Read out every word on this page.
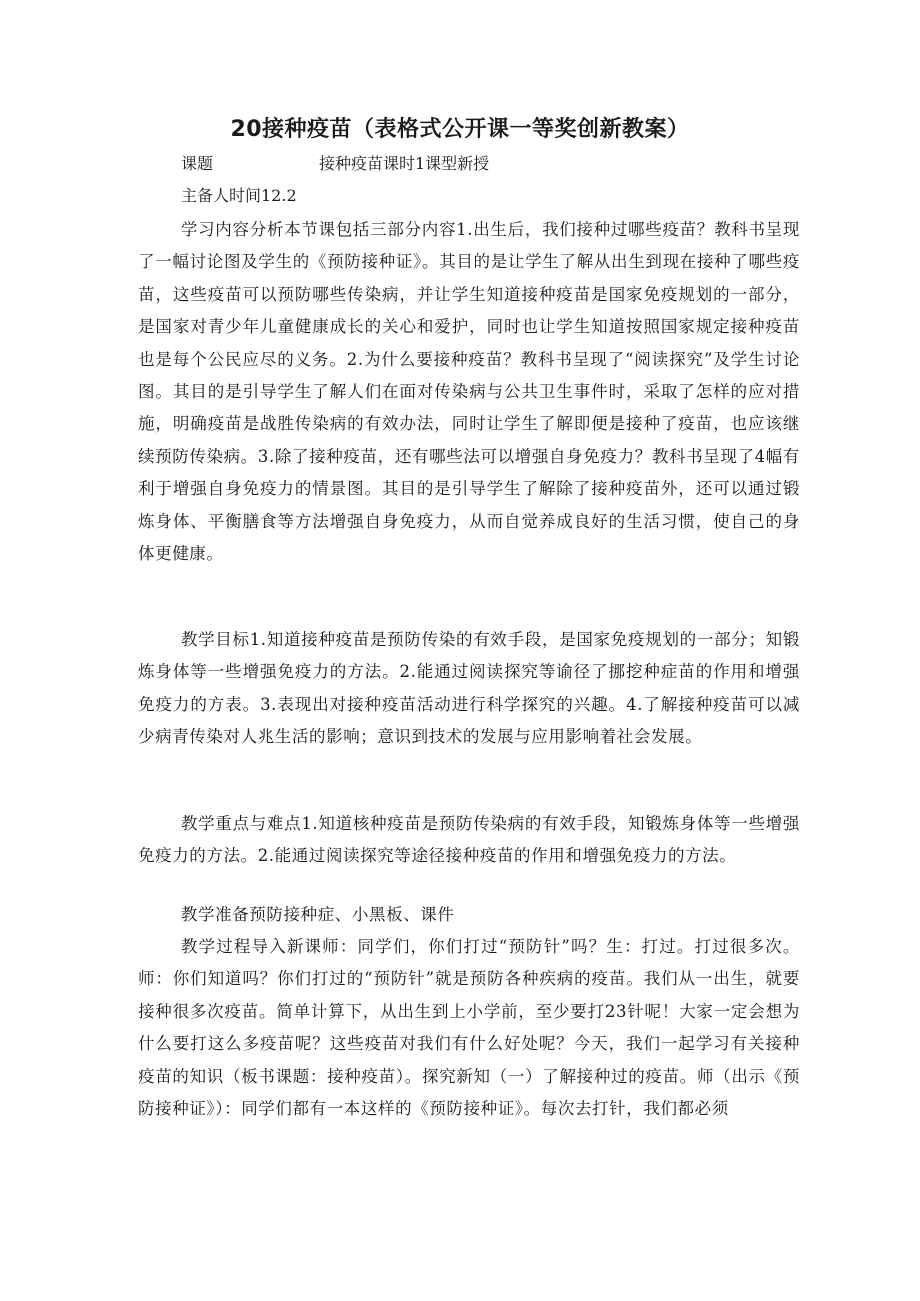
20接种疫苗（表格式公开课一等奖创新教案）
课题	接种疫苗课时1课型新授
主备人时间12.2

学习内容分析本节课包括三部分内容1.出生后，我们接种过哪些疫苗？教科书呈现了一幅讨论图及学生的《预防接种证》。其目的是让学生了解从出生到现在接种了哪些疫苗，这些疫苗可以预防哪些传染病，并让学生知道接种疫苗是国家免疫规划的一部分，是国家对青少年儿童健康成长的关心和爱护，同时也让学生知道按照国家规定接种疫苗也是每个公民应尽的义务。2.为什么要接种疫苗？教科书呈现了“阅读探究”及学生讨论图。其目的是引导学生了解人们在面对传染病与公共卫生事件时，采取了怎样的应对措施，明确疫苗是战胜传染病的有效办法，同时让学生了解即便是接种了疫苗，也应该继续预防传染病。3.除了接种疫苗，还有哪些法可以增强自身免疫力？教科书呈现了4幅有利于增强自身免疫力的情景图。其目的是引导学生了解除了接种疫苗外，还可以通过锻炼身体、平衡膳食等方法增强自身免疫力，从而自觉养成良好的生活习惯，使自己的身体更健康。

教学目标1.知道接种疫苗是预防传染的有效手段，是国家免疫规划的一部分；知锻炼身体等一些增强免疫力的方法。2.能通过阅读探究等谕径了挪挖种症苗的作用和增强免疫力的方表。3.表现出对接种疫苗活动进行科学探究的兴趣。4.了解接种疫苗可以减少病青传染对人兆生活的影响；意识到技术的发展与应用影响着社会发展。

教学重点与难点1.知道核种疫苗是预防传染病的有效手段，知锻炼身体等一些增强免疫力的方法。2.能通过阅读探究等途径接种疫苗的作用和增强免疫力的方法。

教学准备预防接种症、小黑板、课件

教学过程导入新课师：同学们，你们打过“预防针”吗？生：打过。打过很多次。师：你们知道吗？你们打过的“预防针”就是预防各种疾病的疫苗。我们从一出生，就要接种很多次疫苗。简单计算下，从出生到上小学前，至少要打23针呢！大家一定会想为什么要打这么多疫苗呢？这些疫苗对我们有什么好处呢？今天，我们一起学习有关接种疫苗的知识（板书课题：接种疫苗）。探究新知（一）了解接种过的疫苗。师（出示《预防接种证》）：同学们都有一本这样的《预防接种证》。每次去打针，我们都必须
